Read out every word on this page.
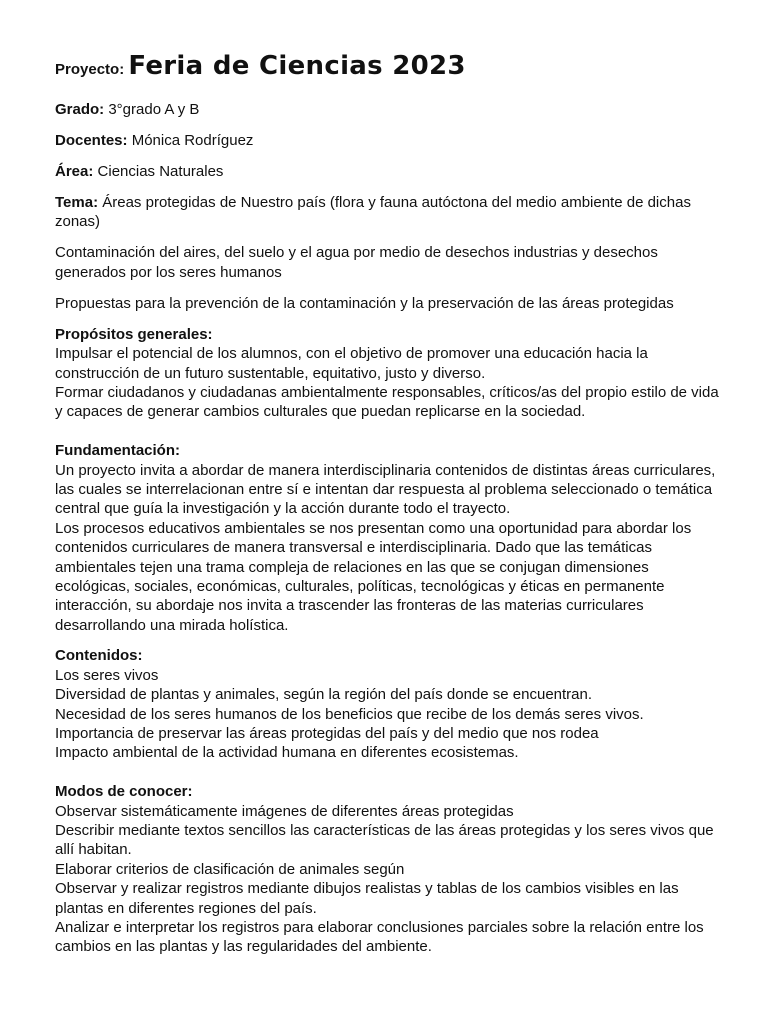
Proyecto: Feria de Ciencias 2023
Grado: 3°grado A y B
Docentes: Mónica Rodríguez
Área: Ciencias Naturales
Tema: Áreas protegidas de Nuestro país (flora y fauna autóctona del medio ambiente de dichas zonas)
Contaminación del aires, del suelo y el agua por medio de desechos industrias y desechos generados por los seres humanos
Propuestas para la prevención de la contaminación y la preservación de las áreas protegidas
Propósitos generales:
Impulsar el potencial de los alumnos, con el objetivo de promover una educación hacia la construcción de un futuro sustentable, equitativo, justo y diverso.
Formar ciudadanos y ciudadanas ambientalmente responsables, críticos/as del propio estilo de vida y capaces de generar cambios culturales que puedan replicarse en la sociedad.
Fundamentación:
Un proyecto invita a abordar de manera interdisciplinaria contenidos de distintas áreas curriculares, las cuales se interrelacionan entre sí e intentan dar respuesta al problema seleccionado o temática central que guía la investigación y la acción durante todo el trayecto.
Los procesos educativos ambientales se nos presentan como una oportunidad para abordar los contenidos curriculares de manera transversal e interdisciplinaria. Dado que las temáticas ambientales tejen una trama compleja de relaciones en las que se conjugan dimensiones ecológicas, sociales, económicas, culturales, políticas, tecnológicas y éticas en permanente interacción, su abordaje nos invita a trascender las fronteras de las materias curriculares desarrollando una mirada holística.
Contenidos:
Los seres vivos
Diversidad de plantas y animales, según la región del país donde se encuentran.
Necesidad de los seres humanos de los beneficios que recibe de los demás seres vivos.
Importancia de preservar las áreas protegidas del país y del medio que nos rodea
Impacto ambiental de la actividad humana en diferentes ecosistemas.
Modos de conocer:
Observar sistemáticamente imágenes de diferentes áreas protegidas
Describir mediante textos sencillos las características de las áreas protegidas y los seres vivos que allí habitan.
Elaborar criterios de clasificación de animales según
Observar y realizar registros mediante dibujos realistas y tablas de los cambios visibles en las plantas en diferentes regiones del país.
Analizar e interpretar los registros para elaborar conclusiones parciales sobre la relación entre los cambios en las plantas y las regularidades del ambiente.
